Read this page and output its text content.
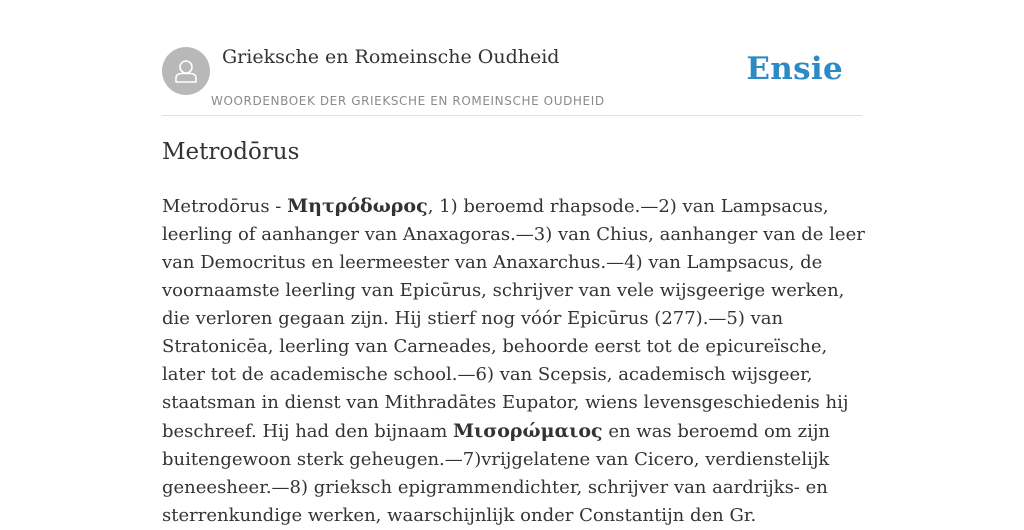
Grieksche en Romeinsche Oudheid
WOORDENBOEK DER GRIEKSCHE EN ROMEINSCHE OUDHEID
Ensie
Metrodōrus

Metrodōrus - Μητρόδωρος, 1) beroemd rhapsode.—2) van Lampsacus, leerling of aanhanger van Anaxagoras.—3) van Chius, aanhanger van de leer van Democritus en leermeester van Anaxarchus.—4) van Lampsacus, de voornaamste leerling van Epicūrus, schrijver van vele wijsgeerige werken, die verloren gegaan zijn. Hij stierf nog vóór Epicūrus (277).—5) van Stratonicēa, leerling van Carneades, behoorde eerst tot de epicureïsche, later tot de academische school.—6) van Scepsis, academisch wijsgeer, staatsman in dienst van Mithradātes Eupator, wiens levensgeschiedenis hij beschreef. Hij had den bijnaam Μισορώμαιος en was beroemd om zijn buitengewoon sterk geheugen.—7)vrijgelatene van Cicero, verdienstelijk geneesheer.—8) grieksch epigrammendichter, schrijver van aardrijks- en sterrenkundige werken, waarschijnlijk onder Constantijn den Gr.
